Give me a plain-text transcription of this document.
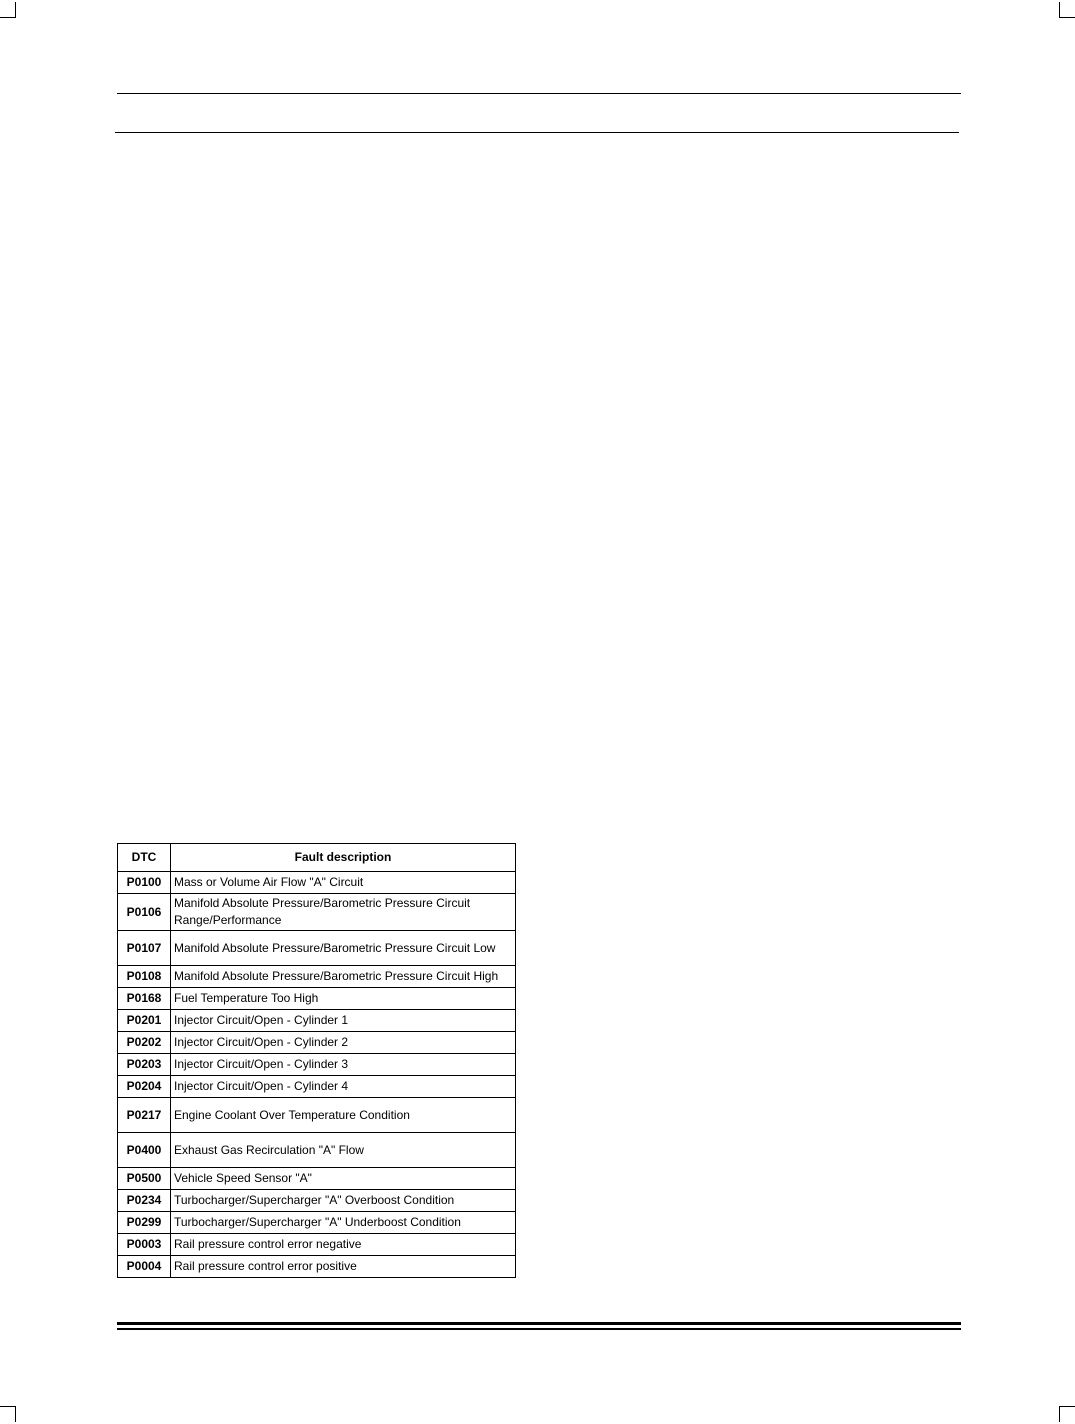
DTC	Fault description
P0100	Mass or Volume Air Flow "A" Circuit
P0106	Manifold Absolute Pressure/Barometric Pressure Circuit Range/Performance
P0107	Manifold Absolute Pressure/Barometric Pressure Circuit Low
P0108	Manifold Absolute Pressure/Barometric Pressure Circuit High
P0168	Fuel Temperature Too High
P0201	Injector Circuit/Open - Cylinder 1
P0202	Injector Circuit/Open - Cylinder 2
P0203	Injector Circuit/Open - Cylinder 3
P0204	Injector Circuit/Open - Cylinder 4
P0217	Engine Coolant Over Temperature Condition
P0400	Exhaust Gas Recirculation "A" Flow
P0500	Vehicle Speed Sensor "A"
P0234	Turbocharger/Supercharger "A" Overboost Condition
P0299	Turbocharger/Supercharger "A" Underboost Condition
P0003	Rail pressure control error negative
P0004	Rail pressure control error positive
